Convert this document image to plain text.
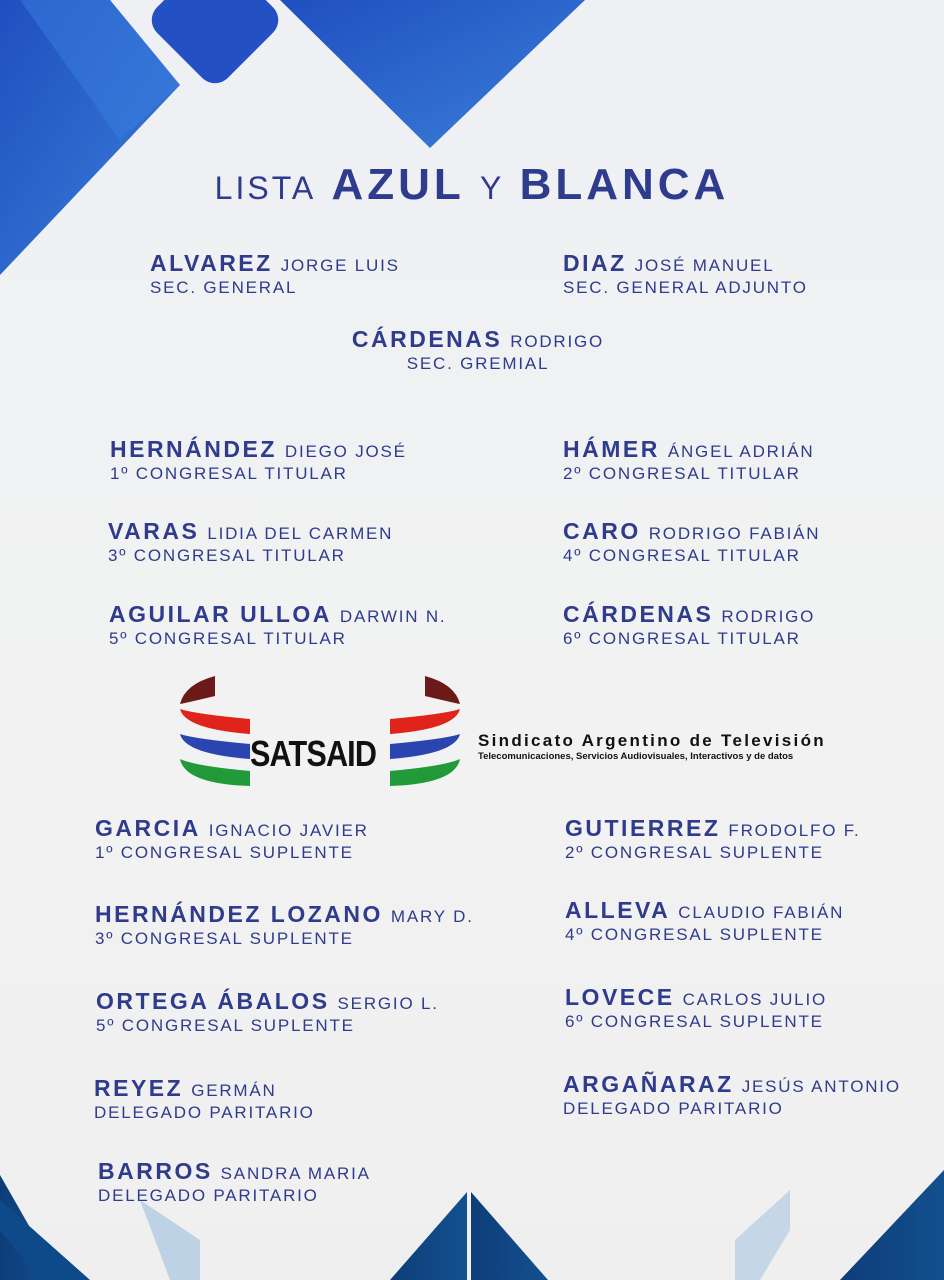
LISTA AZUL Y BLANCA
ALVAREZ JORGE LUIS
SEC. GENERAL
DIAZ JOSÉ MANUEL
SEC. GENERAL ADJUNTO
CÁRDENAS RODRIGO
SEC. GREMIAL
HERNÁNDEZ DIEGO JOSÉ
1º CONGRESAL TITULAR
HÁMER ÁNGEL ADRIÁN
2º CONGRESAL TITULAR
VARAS LIDIA DEL CARMEN
3º CONGRESAL TITULAR
CARO RODRIGO FABIÁN
4º CONGRESAL TITULAR
AGUILAR ULLOA DARWIN N.
5º CONGRESAL TITULAR
CÁRDENAS RODRIGO
6º CONGRESAL TITULAR
GARCIA IGNACIO JAVIER
1º CONGRESAL SUPLENTE
GUTIERREZ FRODOLFO F.
2º CONGRESAL SUPLENTE
HERNÁNDEZ LOZANO MARY D.
3º CONGRESAL SUPLENTE
ALLEVA CLAUDIO FABIÁN
4º CONGRESAL SUPLENTE
ORTEGA ÁBALOS SERGIO L.
5º CONGRESAL SUPLENTE
LOVECE CARLOS JULIO
6º CONGRESAL SUPLENTE
REYEZ GERMÁN
DELEGADO PARITARIO
ARGAÑARAZ JESÚS ANTONIO
DELEGADO PARITARIO
BARROS SANDRA MARIA
DELEGADO PARITARIO
SATSAID	Sindicato Argentino de Televisión
Telecomunicaciones, Servicios Audiovisuales, Interactivos y de datos
